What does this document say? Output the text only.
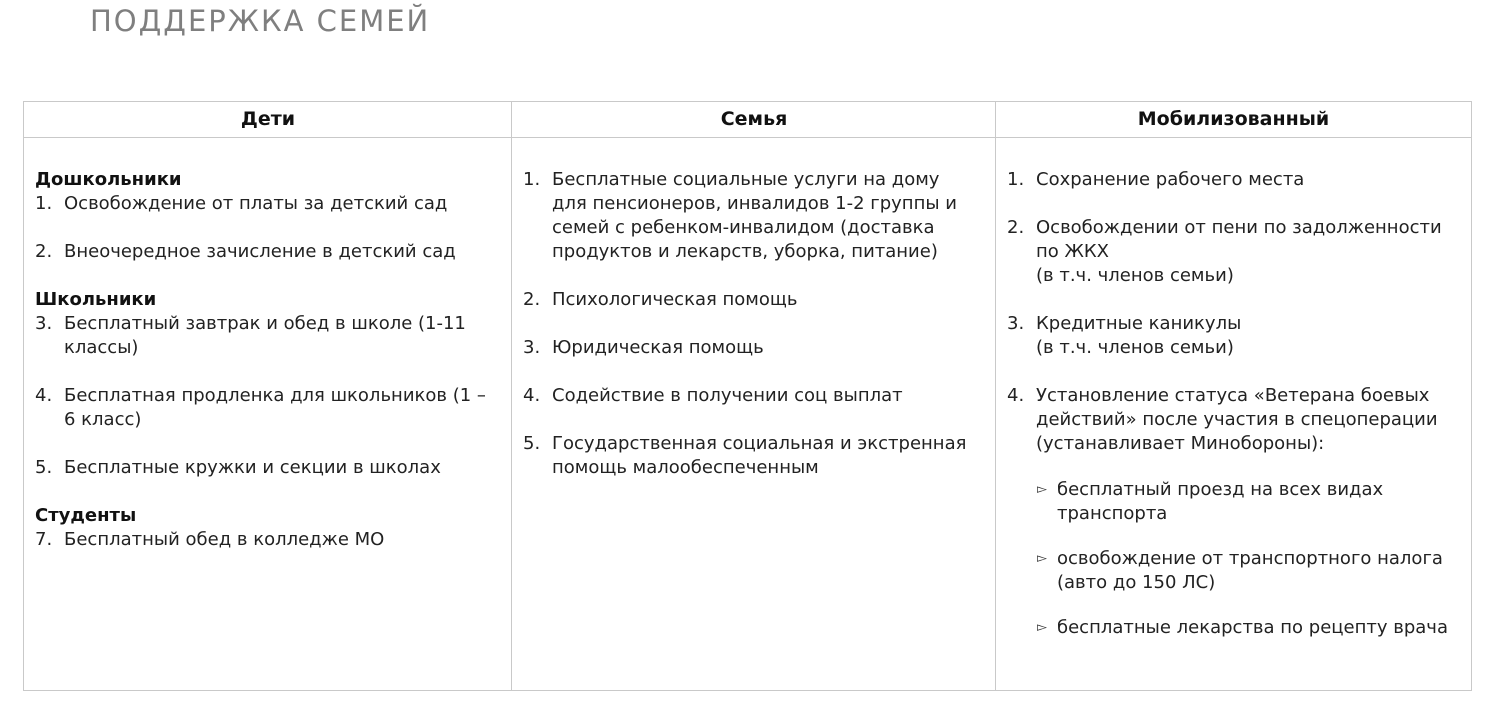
ПОДДЕРЖКА СЕМЕЙ
Дети	Семья	Мобилизованный
Дошкольники
1. Освобождение от платы за детский сад
2. Внеочередное зачисление в детский сад
Школьники
3. Бесплатный завтрак и обед в школе (1-11 классы)
4. Бесплатная продленка для школьников (1 – 6 класс)
5. Бесплатные кружки и секции в школах
Студенты
7. Бесплатный обед в колледже МО
1. Бесплатные социальные услуги на дому для пенсионеров, инвалидов 1-2 группы и семей с ребенком-инвалидом (доставка продуктов и лекарств, уборка, питание)
2. Психологическая помощь
3. Юридическая помощь
4. Содействие в получении соц выплат
5. Государственная социальная и экстренная помощь малообеспеченным
1. Сохранение рабочего места
2. Освобождении от пени по задолженности по ЖКХ
(в т.ч. членов семьи)
3. Кредитные каникулы
(в т.ч. членов семьи)
4. Установление статуса «Ветерана боевых действий» после участия в спецоперации (устанавливает Минобороны):
▻ бесплатный проезд на всех видах транспорта
▻ освобождение от транспортного налога (авто до 150 ЛС)
▻ бесплатные лекарства по рецепту врача
